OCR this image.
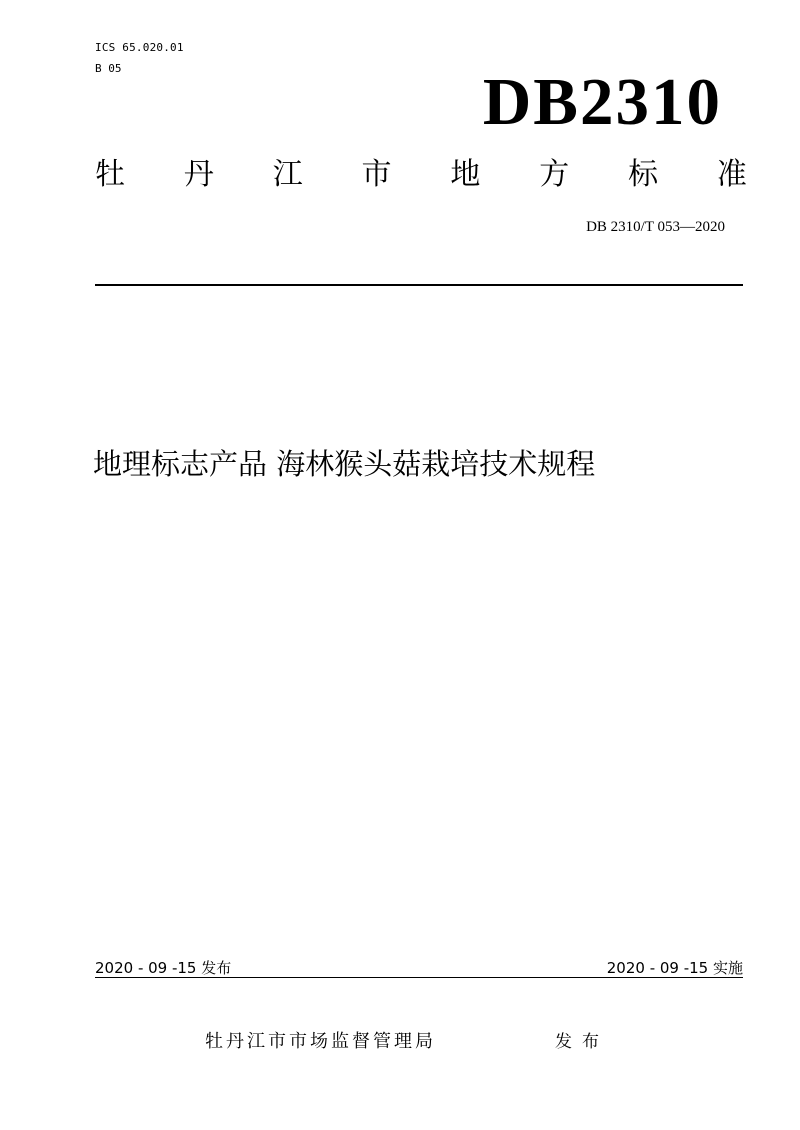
ICS 65.020.01
B 05	DB2310
牡 丹 江 市 地 方 标 准
DB 2310/T 053—2020
地理标志产品 海林猴头菇栽培技术规程
2020 - 09 -15 发布	2020 - 09 -15 实施
牡丹江市市场监督管理局	发布
